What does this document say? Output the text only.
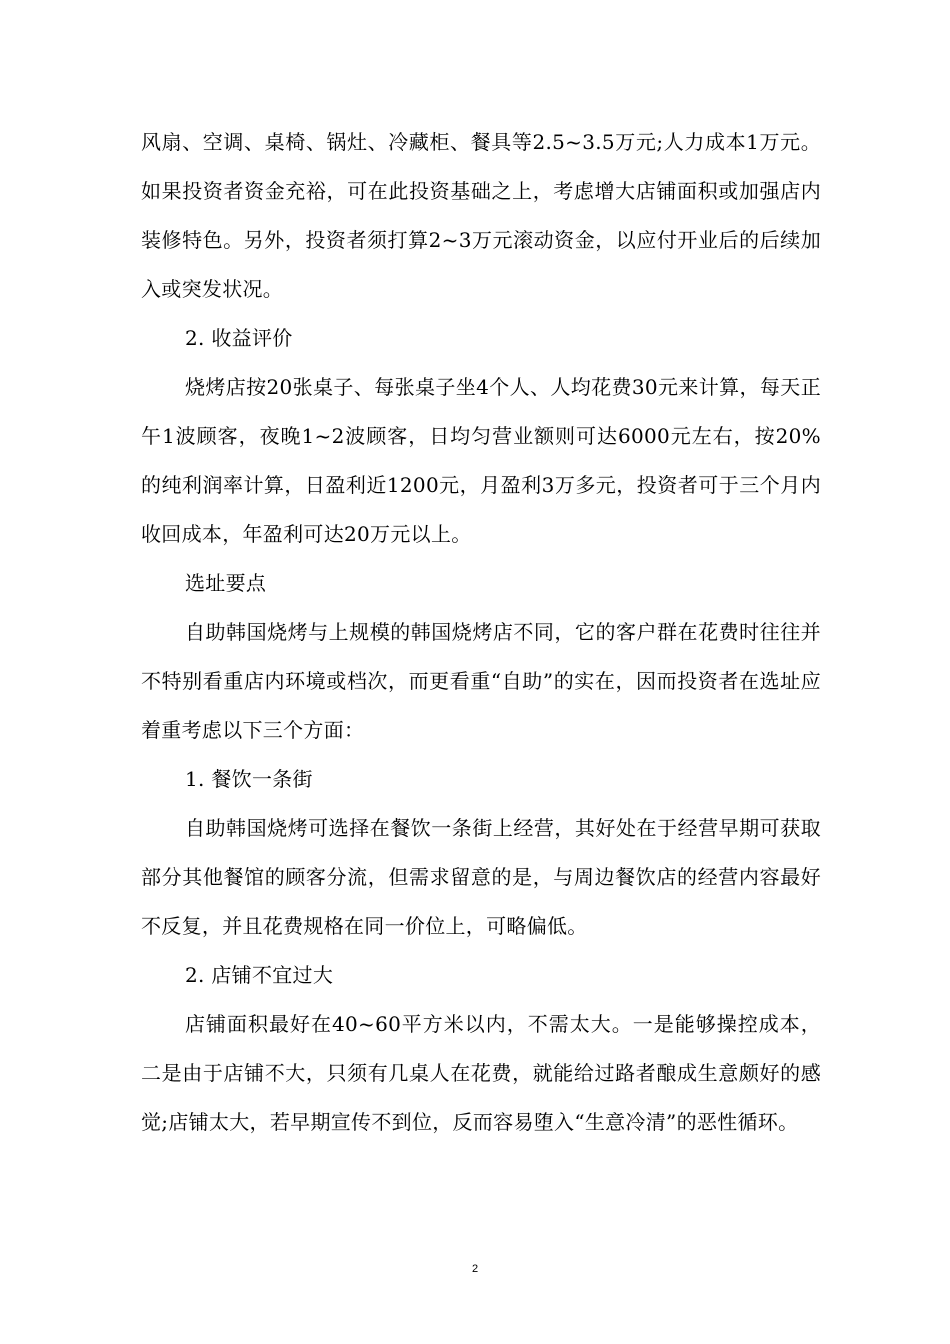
风扇、空调、桌椅、锅灶、冷藏柜、餐具等2.5~3.5万元;人力成本1万元。如果投资者资金充裕，可在此投资基础之上，考虑增大店铺面积或加强店内装修特色。另外，投资者须打算2~3万元滚动资金，以应付开业后的后续加入或突发状况。

2. 收益评价

烧烤店按20张桌子、每张桌子坐4个人、人均花费30元来计算，每天正午1波顾客，夜晚1~2波顾客，日均匀营业额则可达6000元左右，按20%的纯利润率计算，日盈利近1200元，月盈利3万多元，投资者可于三个月内收回成本，年盈利可达20万元以上。

选址要点

自助韩国烧烤与上规模的韩国烧烤店不同，它的客户群在花费时往往并不特别看重店内环境或档次，而更看重“自助”的实在，因而投资者在选址应着重考虑以下三个方面：

1. 餐饮一条街

自助韩国烧烤可选择在餐饮一条街上经营，其好处在于经营早期可获取部分其他餐馆的顾客分流，但需求留意的是，与周边餐饮店的经营内容最好不反复，并且花费规格在同一价位上，可略偏低。

2. 店铺不宜过大

店铺面积最好在40~60平方米以内，不需太大。一是能够操控成本，二是由于店铺不大，只须有几桌人在花费，就能给过路者酿成生意颇好的感觉;店铺太大，若早期宣传不到位，反而容易堕入“生意冷清”的恶性循环。

2
